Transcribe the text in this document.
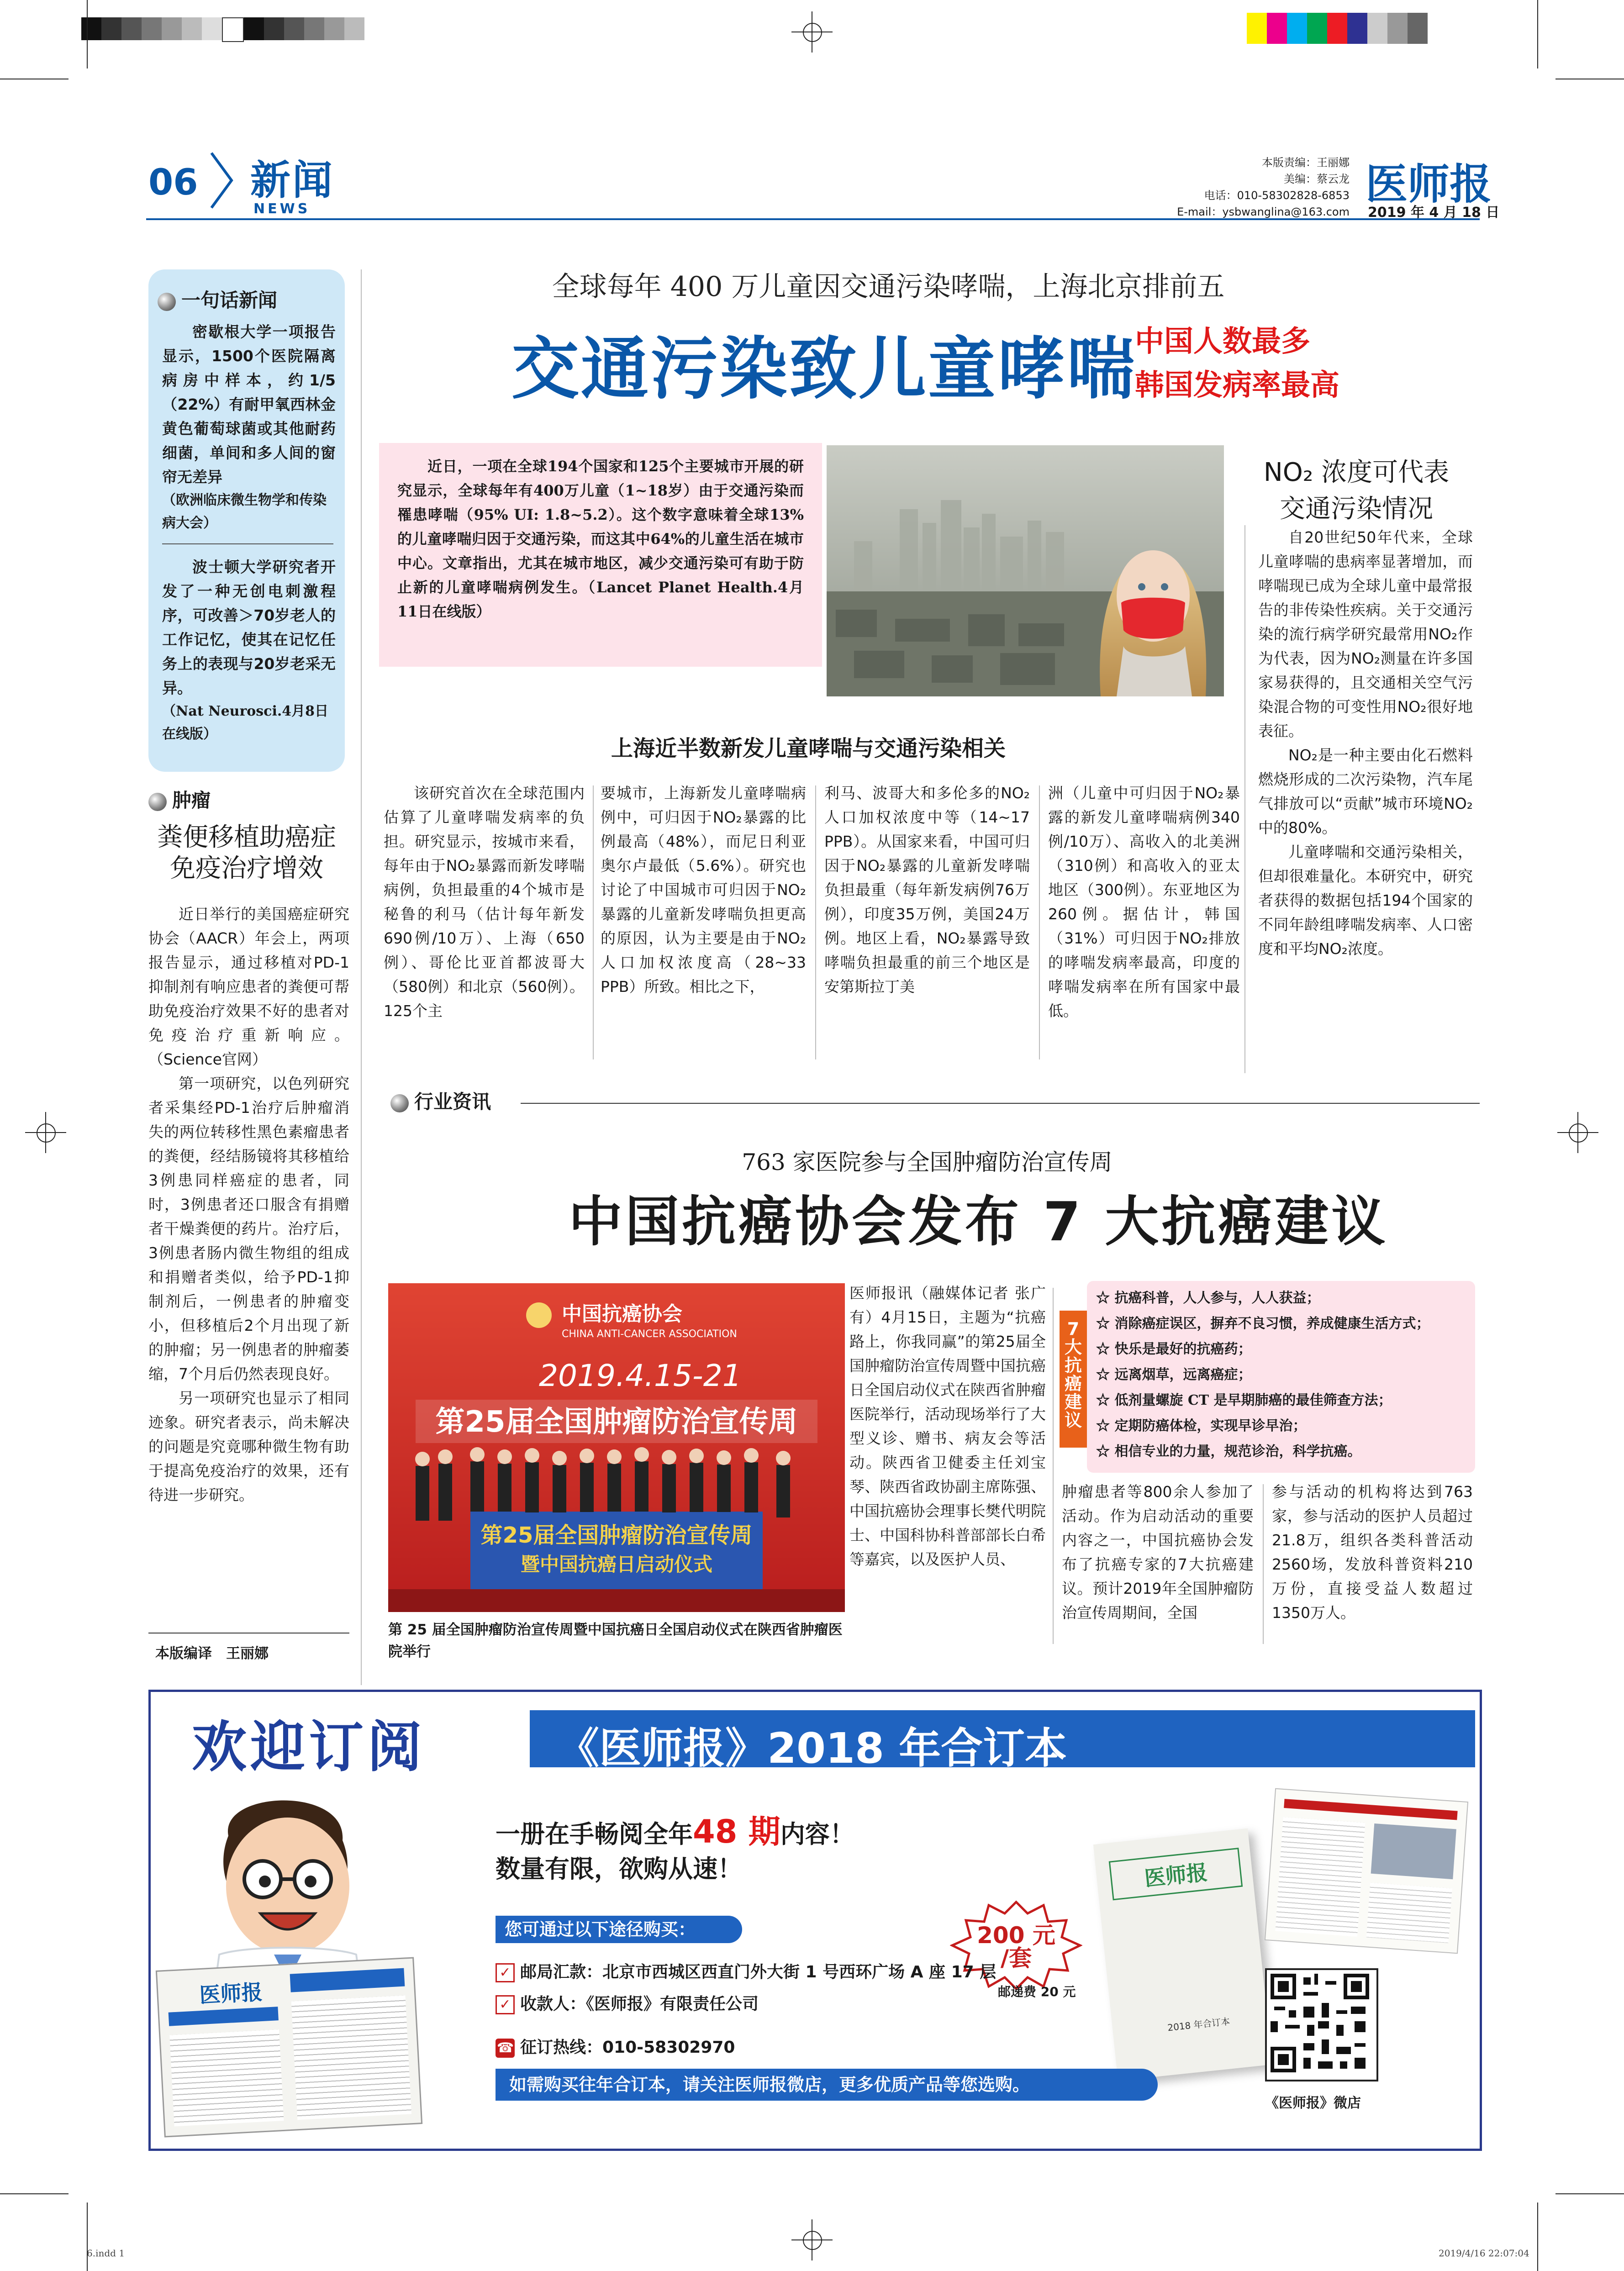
06 新闻
NEWS
本版责编：王丽娜
美编：蔡云龙
电话：010-58302828-6853
E-mail：ysbwanglina@163.com
医师报
2019 年 4 月 18 日
一句话新闻
密歇根大学一项报告显示，1500个医院隔离病房中样本，约1/5（22%）有耐甲氧西林金黄色葡萄球菌或其他耐药细菌，单间和多人间的窗帘无差异
（欧洲临床微生物学和传染病大会）
波士顿大学研究者开发了一种无创电刺激程序，可改善＞70岁老人的工作记忆，使其在记忆任务上的表现与20岁老采无异。
（Nat Neurosci.4月8日在线版）
肿瘤
粪便移植助癌症
免疫治疗增效
近日举行的美国癌症研究协会（AACR）年会上，两项报告显示，通过移植对PD-1抑制剂有响应患者的粪便可帮助免疫治疗效果不好的患者对免疫治疗重新响应。（Science官网）
第一项研究，以色列研究者采集经PD-1治疗后肿瘤消失的两位转移性黑色素瘤患者的粪便，经结肠镜将其移植给3例患同样癌症的患者，同时，3例患者还口服含有捐赠者干燥粪便的药片。治疗后，3例患者肠内微生物组的组成和捐赠者类似，给予PD-1抑制剂后，一例患者的肿瘤变小，但移植后2个月出现了新的肿瘤；另一例患者的肿瘤萎缩，7个月后仍然表现良好。
另一项研究也显示了相同迹象。研究者表示，尚未解决的问题是究竟哪种微生物有助于提高免疫治疗的效果，还有待进一步研究。
本版编译　王丽娜
全球每年 400 万儿童因交通污染哮喘，上海北京排前五
交通污染致儿童哮喘
中国人数最多
韩国发病率最高
近日，一项在全球194个国家和125个主要城市开展的研究显示，全球每年有400万儿童（1~18岁）由于交通污染而罹患哮喘（95% UI: 1.8~5.2）。这个数字意味着全球13%的儿童哮喘归因于交通污染，而这其中64%的儿童生活在城市中心。文章指出，尤其在城市地区，减少交通污染可有助于防止新的儿童哮喘病例发生。（Lancet Planet Health.4月11日在线版）
NO₂ 浓度可代表
交通污染情况
自20世纪50年代来，全球儿童哮喘的患病率显著增加，而哮喘现已成为全球儿童中最常报告的非传染性疾病。关于交通污染的流行病学研究最常用NO₂作为代表，因为NO₂测量在许多国家易获得的，且交通相关空气污染混合物的可变性用NO₂很好地表征。
NO₂是一种主要由化石燃料燃烧形成的二次污染物，汽车尾气排放可以“贡献”城市环境NO₂中的80%。
儿童哮喘和交通污染相关，但却很难量化。本研究中，研究者获得的数据包括194个国家的不同年龄组哮喘发病率、人口密度和平均NO₂浓度。
上海近半数新发儿童哮喘与交通污染相关
该研究首次在全球范围内估算了儿童哮喘发病率的负担。研究显示，按城市来看，每年由于NO₂暴露而新发哮喘病例，负担最重的4个城市是秘鲁的利马（估计每年新发690例/10万）、上海（650例）、哥伦比亚首都波哥大（580例）和北京（560例）。125个主
要城市，上海新发儿童哮喘病例中，可归因于NO₂暴露的比例最高（48%），而尼日利亚奥尔卢最低（5.6%）。研究也讨论了中国城市可归因于NO₂暴露的儿童新发哮喘负担更高的原因，认为主要是由于NO₂人口加权浓度高（28~33 PPB）所致。相比之下，
利马、波哥大和多伦多的NO₂人口加权浓度中等（14~17 PPB）。从国家来看，中国可归因于NO₂暴露的儿童新发哮喘负担最重（每年新发病例76万例），印度35万例，美国24万例。地区上看，NO₂暴露导致哮喘负担最重的前三个地区是安第斯拉丁美
洲（儿童中可归因于NO₂暴露的新发儿童哮喘病例340例/10万）、高收入的北美洲（310例）和高收入的亚太地区（300例）。东亚地区为260例。据估计，韩国（31%）可归因于NO₂排放的哮喘发病率最高，印度的哮喘发病率在所有国家中最低。
行业资讯
763 家医院参与全国肿瘤防治宣传周
中国抗癌协会发布 7 大抗癌建议
中国抗癌协会
CHINA ANTI-CANCER ASSOCIATION
2019.4.15-21
第25届全国肿瘤防治宣传周
第25届全国肿瘤防治宣传周
暨中国抗癌日启动仪式
第 25 届全国肿瘤防治宣传周暨中国抗癌日全国启动仪式在陕西省肿瘤医院举行
医师报讯（融媒体记者 张广有）4月15日，主题为“抗癌路上，你我同赢”的第25届全国肿瘤防治宣传周暨中国抗癌日全国启动仪式在陕西省肿瘤医院举行，活动现场举行了大型义诊、赠书、病友会等活动。陕西省卫健委主任刘宝琴、陕西省政协副主席陈强、中国抗癌协会理事长樊代明院士、中国科协科普部部长白希等嘉宾，以及医护人员、
肿瘤患者等800余人参加了活动。作为启动活动的重要内容之一，中国抗癌协会发布了抗癌专家的7大抗癌建议。预计2019年全国肿瘤防治宣传周期间，全国
参与活动的机构将达到763家，参与活动的医护人员超过21.8万，组织各类科普活动2560场，发放科普资料210万份，直接受益人数超过1350万人。
7大抗癌建议
☆ 抗癌科普，人人参与，人人获益；
☆ 消除癌症误区，摒弃不良习惯，养成健康生活方式；
☆ 快乐是最好的抗癌药；
☆ 远离烟草，远离癌症；
☆ 低剂量螺旋 CT 是早期肺癌的最佳筛查方法；
☆ 定期防癌体检，实现早诊早治；
☆ 相信专业的力量，规范诊治，科学抗癌。
欢迎订阅	《医师报》2018 年合订本
医师报
一册在手畅阅全年48 期内容！
数量有限，欲购从速！
200 元
/套
邮递费 20 元
医师报
2018 年合订本
您可通过以下途径购买：
✓ 邮局汇款：北京市西城区西直门外大街 1 号西环广场 A 座 17 层
✓ 收款人：《医师报》有限责任公司
☎ 征订热线：010-58302970
如需购买往年合订本，请关注医师报微店，更多优质产品等您选购。
《医师报》微店
6.indd 1	2019/4/16 22:07:04
